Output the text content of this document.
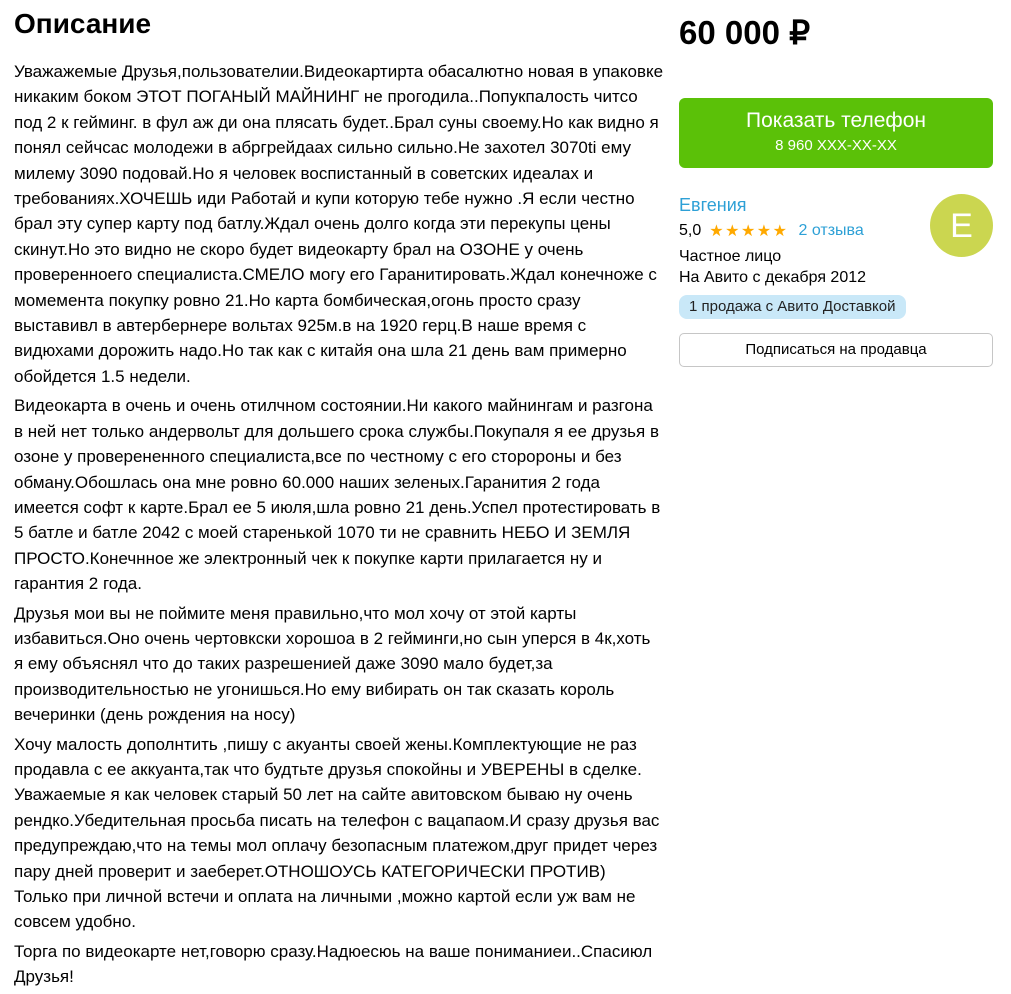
Описание

Уважажемые Друзья,пользователии.Видеокартирта обасалютно новая в упаковке никаким боком ЭТОТ ПОГАНЫЙ МАЙНИНГ не прогодила..Попукпалость читсо под 2 к гейминг. в фул аж ди она плясать будет..Брал суны своему.Но как видно я понял сейчсас молодежи в абргрейдаах сильно сильно.Не захотел 3070ti ему милему 3090 подовай.Но я человек воспистанный в советских идеалах и требованиях.ХОЧЕШЬ иди Работай и купи которую тебе нужно .Я если честно брал эту супер карту под батлу.Ждал очень долго когда эти перекупы цены скинут.Но это видно не скоро будет видеокарту брал на ОЗОНЕ у очень проверенноего специалиста.СМЕЛО могу его Гаранитировать.Ждал конечноже с момемента покупку ровно 21.Но карта бомбическая,огонь просто сразу выставивл в автербернере вольтах 925м.в на 1920 герц.В наше время с видюхами дорожить надо.Но так как с китайя она шла 21 день вам примерно обойдется 1.5 недели.

Видеокарта в очень и очень отилчном состоянии.Ни какого майнингам и разгона в ней нет только андервольт для дольшего срока службы.Покупаля я ее друзья в озоне у проверененного специалиста,все по честному с его сторороны и без обману.Обошлась она мне ровно 60.000 наших зеленых.Гаранития 2 года имеется софт к карте.Брал ее 5 июля,шла ровно 21 день.Успел протестировать в 5 батле и батле 2042 с моей старенькой 1070 ти не сравнить НЕБО И ЗЕМЛЯ ПРОСТО.Конечнное же электронный чек к покупке карти прилагается ну и гарантия 2 года.

Друзья мои вы не поймите меня правильно,что мол хочу от этой карты избавиться.Оно очень чертовкски хорошоа в 2 гейминги,но сын уперся в 4к,хоть я ему объяснял что до таких разрешенией даже 3090 мало будет,за производительностью не угонишься.Но ему вибирать он так сказать король вечеринки (день рождения на носу)

Хочу малость дополнтить ,пишу с акуанты своей жены.Комплектующие не раз продавла с ее аккуанта,так что будтьте друзья спокойны и УВЕРЕНЫ в сделке. Уважаемые я как человек старый 50 лет на сайте авитовском бываю ну очень рендко.Убедительная просьба писать на телефон с вацапаом.И сразу друзья вас предупреждаю,что на темы мол оплачу безопасным платежом,друг придет через пару дней проверит и заеберет.ОТНОШОУСЬ КАТЕГОРИЧЕСКИ ПРОТИВ) Только при личной встечи и оплата на личными ,можно картой если уж вам не совсем удобно.

Торга по видеокарте нет,говорю сразу.Надюесюь на ваше пониманиеи..Спасиюл Друзья!

60 000 ₽
Показать телефон
8 960 XXX-XX-XX
Евгения
5,0 ★★★★★ 2 отзыва
Частное лицо
На Авито с декабря 2012
1 продажа с Авито Доставкой
E
Подписаться на продавца
